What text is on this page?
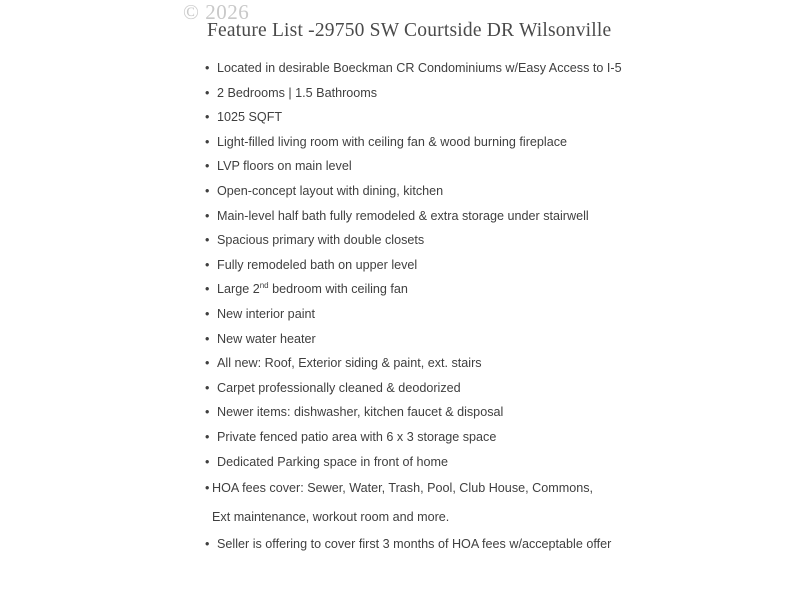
© 2026
Feature List -29750 SW Courtside DR Wilsonville
• Located in desirable Boeckman CR Condominiums w/Easy Access to I-5
• 2 Bedrooms | 1.5 Bathrooms
• 1025 SQFT
• Light-filled living room with ceiling fan & wood burning fireplace
• LVP floors on main level
• Open-concept layout with dining, kitchen
• Main-level half bath fully remodeled & extra storage under stairwell
• Spacious primary with double closets
• Fully remodeled bath on upper level
• Large 2nd bedroom with ceiling fan
• New interior paint
• New water heater
• All new: Roof, Exterior siding & paint, ext. stairs
• Carpet professionally cleaned & deodorized
• Newer items: dishwasher, kitchen faucet & disposal
• Private fenced patio area with 6 x 3 storage space
• Dedicated Parking space in front of home
• HOA fees cover: Sewer, Water, Trash, Pool, Club House, Commons, Ext maintenance, workout room and more.
• Seller is offering to cover first 3 months of HOA fees w/acceptable offer
